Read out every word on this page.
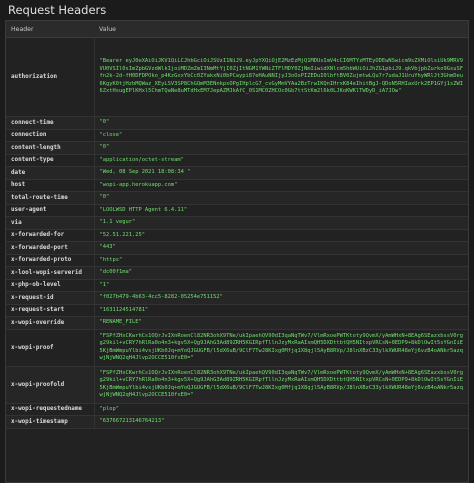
Request Headers
Header	Value
authorization	"Bearer eyJ0eXAiOiJKV1QiLCJhbGciOiJSUzI1NiJ9.eyJpYXQiOjE2MzEzMjQ1MDUsImV4cCI6MTYzMTEyODEwNSwicm9sZXMiOlsiUk9MRV9VU0VSIl0sImZpbGVzdWlkIjoiMDZmZmI3NmMtYjI0ZjItNGM1YWNiZTFlMDY0ZjNmIiwidXNlcm5hbWUiOiJhZG1pbiJ9.qkVbjpbZurko9GsuSFfn2k-2d-fH0DFDPOko_p4KzGxxYbCc0ZYakxNi0bPCaypi87eHAuNNIjyJ3oOsPIZEDuI0lbftBV0ZujmtwLQu7r7udaJ1UruYhyWRlJt3GhmDeu6KgyK0tjHzbMQWaz_XEyLSV3SP8ChGQmM3ENnkpsOPgIHplcG7_cvGyMmVYAa2BzTrwIKQnIHrxK84eIhitBgJ-QDoN5RHIaxUrk2EP1GYj1sZWI6ZxtHsugEPlKHxl5ChmTQaNe8uMTdHxEM7JepAZMJkAfC_0S1MC0ZHCOc0Gb7ttStKm2l6k0LJKoKWKlTWDyD_iA7JOw"
connect-time	"0"
connection	"close"
content-length	"0"
content-type	"application/octet-stream"
date	"Wed, 08 Sep 2021 18:08:34 "
host	"wopi-app.herokuapp.com"
total-route-time	"0"
user-agent	"LOOLWSD HTTP Agent 6.4.11"
via	"1.1 vegur"
x-forwarded-for	"52.51.221.25"
x-forwarded-port	"443"
x-forwarded-proto	"https"
x-lool-wopi-serverid	"dc00f1ma"
x-php-ob-level	"1"
x-request-id	"f027b479-4b63-4cc5-8282-05254e751152"
x-request-start	"1631124514781"
x-wopi-override	"RENAME_FILE"
x-wopi-proof	"FSPfZHxCKwrhCs1OQrJvIXnRoenCl82NR3ohX9TNe/ukIpaehQV90dI3qaNqTWv7/VlmRxoePWTKtoty9QvmX/yAmWHxN+8EAg6SEazxbssV0rgg29kil+vCRY7hRlRa0o4n3+kgv5X+Qg9JAhG3Ad89ZRH5KGIRpfTllnJzyMxRaAIsmQH5DXDttbtQH5NItxpVRCsN+0EDP9+8kDlOwIt5sYGnIiE5KjBmWmpuYlbi4vsjUKb0Jq+mYoQJGUGFB/l5dX6uB/9ClF7TwJ8KIxg0Mfjq1X8qjl5AyB8RVp/J8lnXBzC33ylkXWUR48eYj6vzB4oANkr5azqwjNjWNQ2qH4Jlvp2OCCE510fxE0="
x-wopi-proofold	"FSPfZHxCKwrhCs1OQrJvIXnRoenCl82NR3ohX9TNe/ukIpaehQV90dI3qaNqTWv7/VlmRxoePWTKtoty9QvmX/yAmWHxN+8EAg6SEazxbssV0rgg29kil+vCRY7hRlRa0o4n3+kgv5X+Qg9JAhG3Ad89ZRH5KGIRpfTllnJzyMxRaAIsmQH5DXDttbtQH5NItxpVRCsN+0EDP9+8kDlOwIt5sYGnIiE5KjBmWmpuYlbi4vsjUKb0Jq+mYoQJGUGFB/l5dX6uB/9ClF7TwJ8KIxg0Mfjq1X8qjl5AyB8RVp/J8lnXBzC33ylkXWUR48eYj6vzB4oANkr5azqwjNjWNQ2qH4Jlvp2OCCE510fxE0="
x-wopi-requestedname	"plop"
x-wopi-timestamp	"637667213146764213"
